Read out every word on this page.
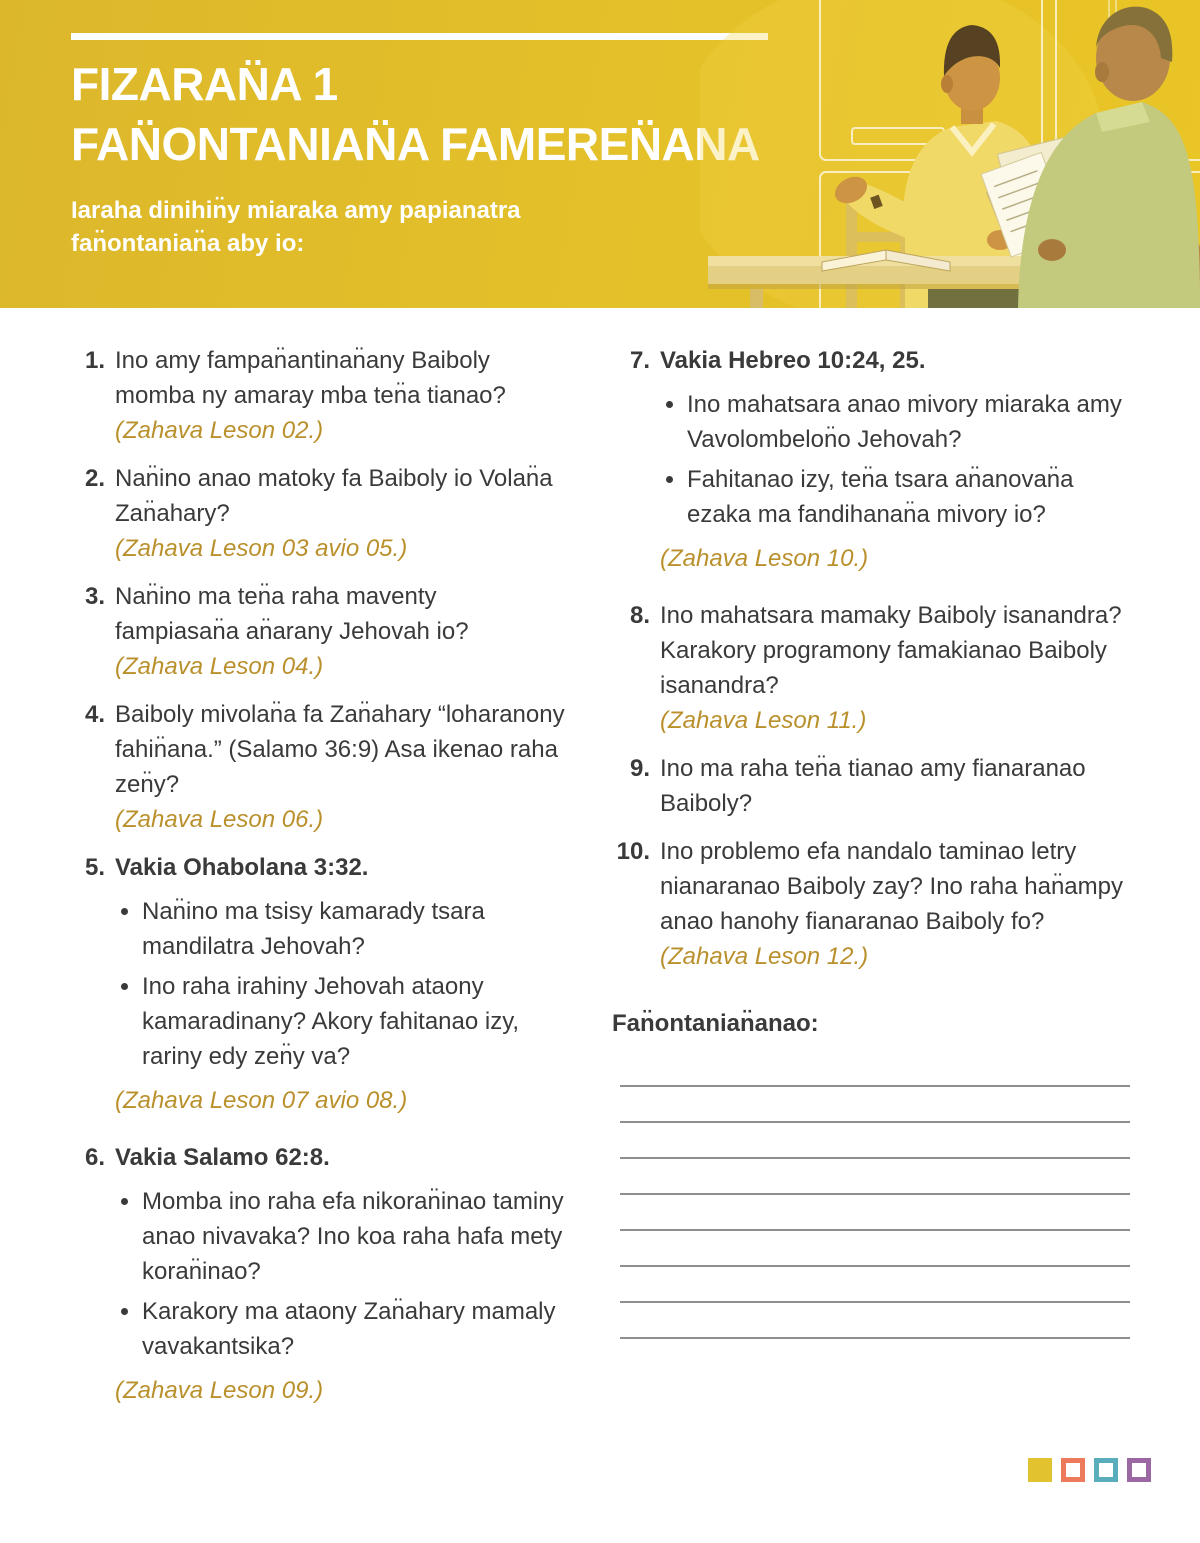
FIZARAN̈A 1
FAN̈ONTANIAN̈A FAMEREN̈ANA
Iaraha dinihin̈y miaraka amy papianatra fan̈ontanian̈a aby io:
1. Ino amy fampan̈antinan̈any Baiboly momba ny amaray mba ten̈a tianao?
(Zahava Leson 02.)
2. Nan̈ino anao matoky fa Baiboly io Volan̈a Zan̈ahary?
(Zahava Leson 03 avio 05.)
3. Nan̈ino ma ten̈a raha maventy fampiasan̈a an̈arany Jehovah io?
(Zahava Leson 04.)
4. Baiboly mivolan̈a fa Zan̈ahary “loharanony fahin̈ana.” (Salamo 36:9) Asa ikenao raha zen̈y?
(Zahava Leson 06.)
5. Vakia Ohabolana 3:32.
• Nan̈ino ma tsisy kamarady tsara mandilatra Jehovah?
• Ino raha irahiny Jehovah ataony kamaradinany? Akory fahitanao izy, rariny edy zen̈y va?
(Zahava Leson 07 avio 08.)
6. Vakia Salamo 62:8.
• Momba ino raha efa nikoran̈inao taminy anao nivavaka? Ino koa raha hafa mety koran̈inao?
• Karakory ma ataony Zan̈ahary mamaly vavakantsika?
(Zahava Leson 09.)
7. Vakia Hebreo 10:24, 25.
• Ino mahatsara anao mivory miaraka amy Vavolombelon̈o Jehovah?
• Fahitanao izy, ten̈a tsara an̈anovan̈a ezaka ma fandihanan̈a mivory io?
(Zahava Leson 10.)
8. Ino mahatsara mamaky Baiboly isanandra? Karakory programony famakianao Baiboly isanandra?
(Zahava Leson 11.)
9. Ino ma raha ten̈a tianao amy fianaranao Baiboly?
10. Ino problemo efa nandalo taminao letry nianaranao Baiboly zay? Ino raha han̈ampy anao hanohy fianaranao Baiboly fo?
(Zahava Leson 12.)
Fan̈ontanian̈anao:
